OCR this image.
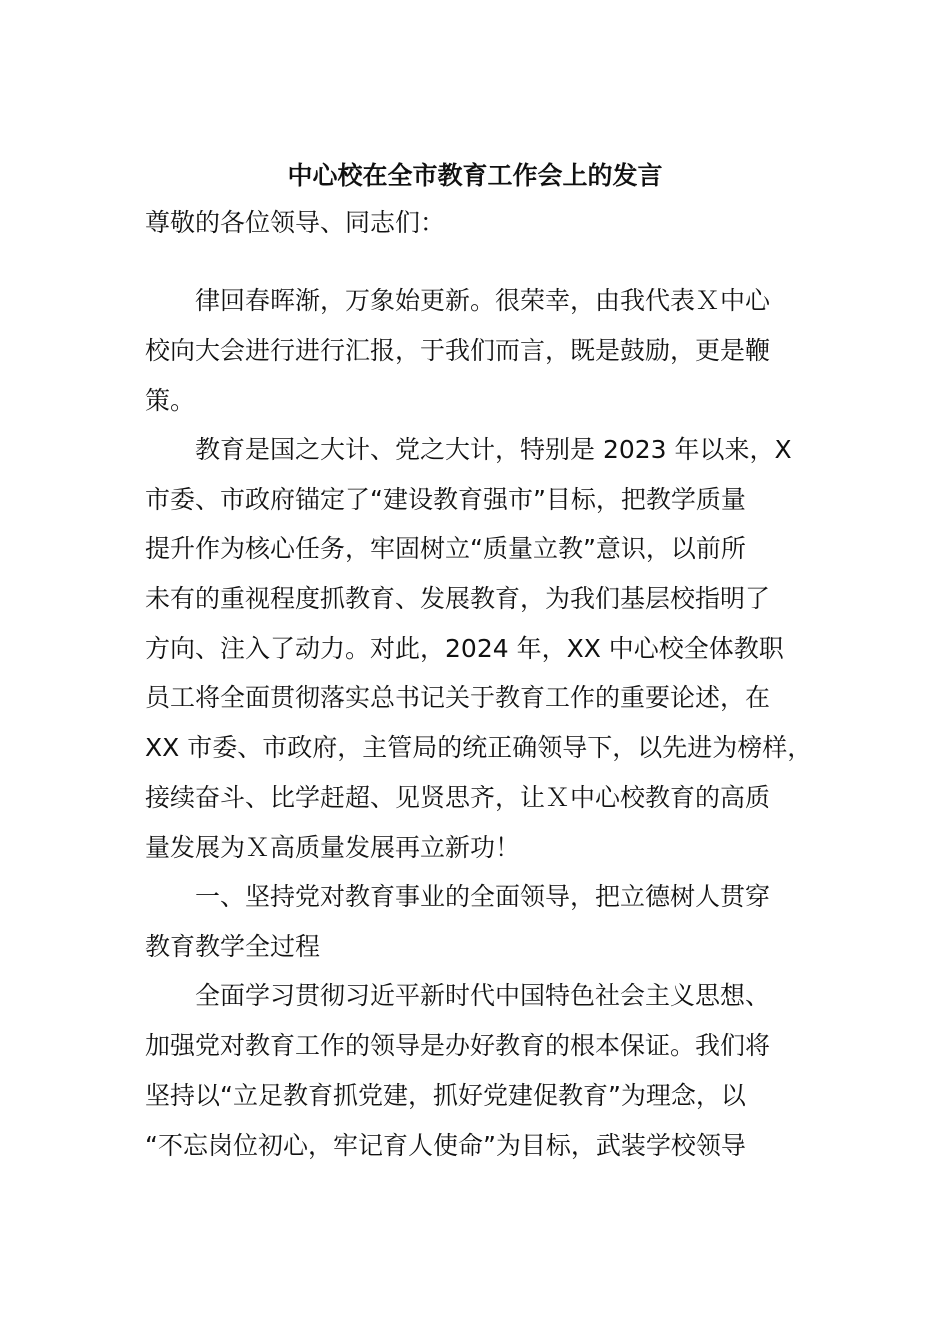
中心校在全市教育工作会上的发言
尊敬的各位领导、同志们：
律回春晖渐，万象始更新。很荣幸，由我代表Ｘ中心
校向大会进行进行汇报，于我们而言，既是鼓励，更是鞭
策。
教育是国之大计、党之大计，特别是 2023 年以来，X
市委、市政府锚定了“建设教育强市”目标，把教学质量
提升作为核心任务，牢固树立“质量立教”意识，以前所
未有的重视程度抓教育、发展教育，为我们基层校指明了
方向、注入了动力。对此，2024 年，XX 中心校全体教职
员工将全面贯彻落实总书记关于教育工作的重要论述，在
XX 市委、市政府，主管局的统正确领导下，以先进为榜样，
接续奋斗、比学赶超、见贤思齐，让Ｘ中心校教育的高质
量发展为Ｘ高质量发展再立新功！
一、坚持党对教育事业的全面领导，把立德树人贯穿
教育教学全过程
全面学习贯彻习近平新时代中国特色社会主义思想、
加强党对教育工作的领导是办好教育的根本保证。我们将
坚持以“立足教育抓党建，抓好党建促教育”为理念，以
“不忘岗位初心，牢记育人使命”为目标，武装学校领导
